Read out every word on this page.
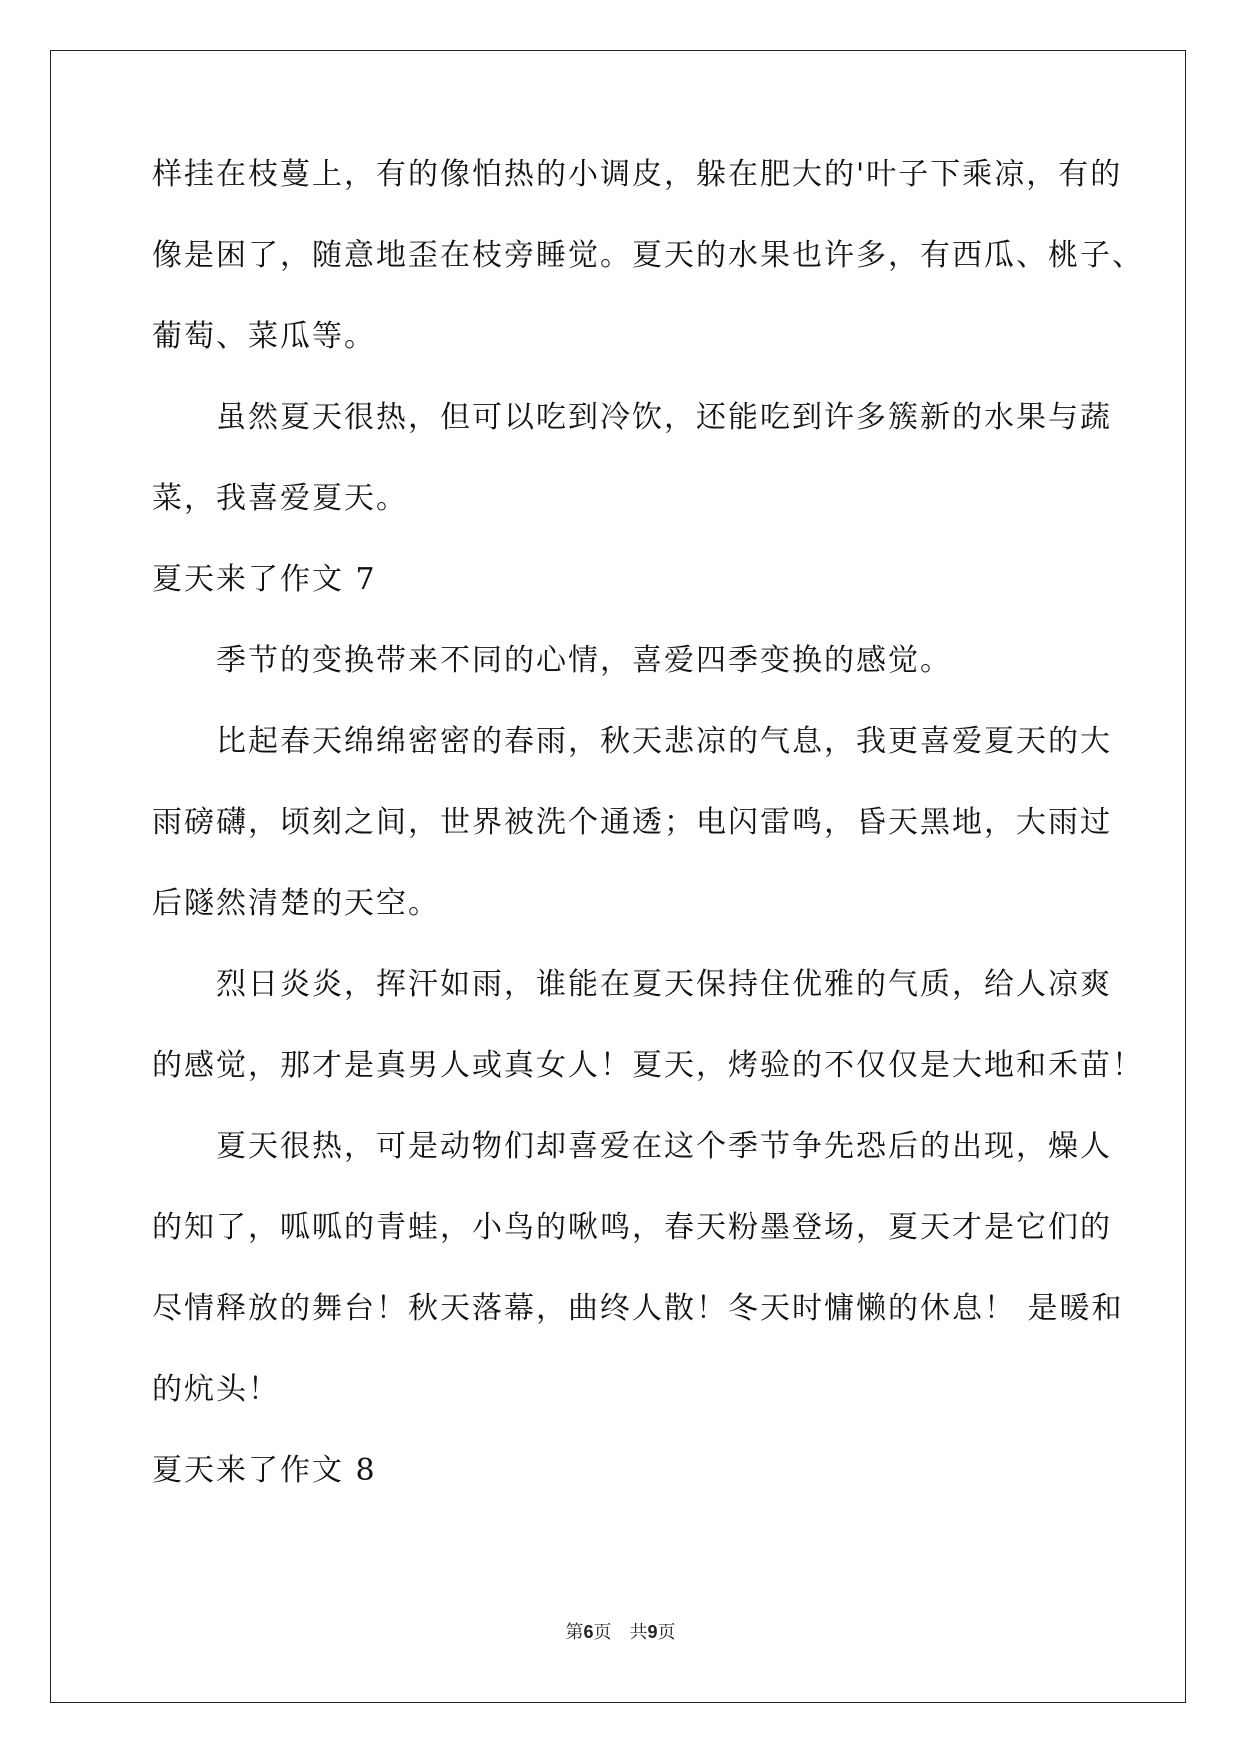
样挂在枝蔓上，有的像怕热的小调皮，躲在肥大的'叶子下乘凉，有的
像是困了，随意地歪在枝旁睡觉。夏天的水果也许多，有西瓜、桃子、
葡萄、菜瓜等。
虽然夏天很热，但可以吃到冷饮，还能吃到许多簇新的水果与蔬
菜，我喜爱夏天。
夏天来了作文 7
季节的变换带来不同的心情，喜爱四季变换的感觉。
比起春天绵绵密密的春雨，秋天悲凉的气息，我更喜爱夏天的大
雨磅礴，顷刻之间，世界被洗个通透；电闪雷鸣，昏天黑地，大雨过
后隧然清楚的天空。
烈日炎炎，挥汗如雨，谁能在夏天保持住优雅的气质，给人凉爽
的感觉，那才是真男人或真女人！夏天，烤验的不仅仅是大地和禾苗！
夏天很热，可是动物们却喜爱在这个季节争先恐后的出现，燥人
的知了，呱呱的青蛙，小鸟的啾鸣，春天粉墨登场，夏天才是它们的
尽情释放的舞台！秋天落幕，曲终人散！冬天时慵懒的休息！ 是暖和
的炕头！
夏天来了作文 8
第6页 共9页
